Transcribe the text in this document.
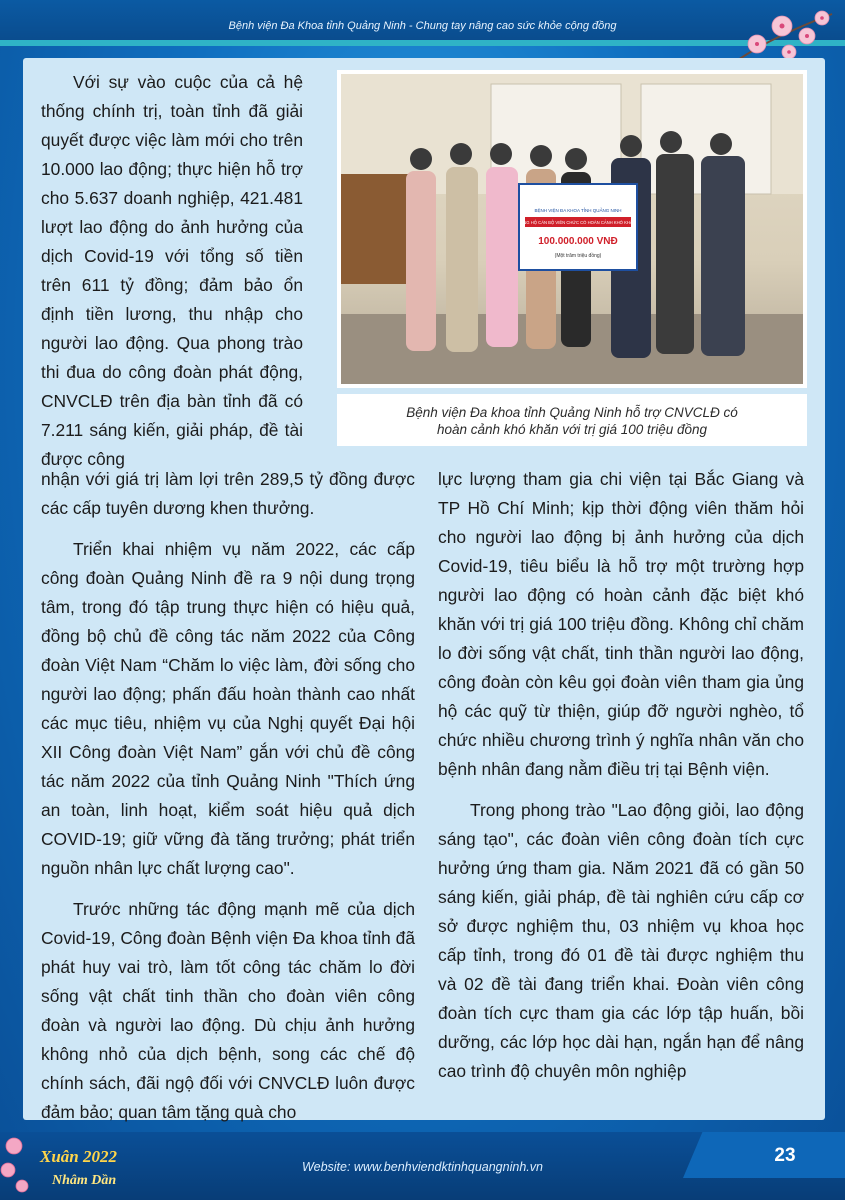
Bệnh viện Đa Khoa tỉnh Quảng Ninh - Chung tay nâng cao sức khỏe cộng đồng

Với sự vào cuộc của cả hệ thống chính trị, toàn tỉnh đã giải quyết được việc làm mới cho trên 10.000 lao động; thực hiện hỗ trợ cho 5.637 doanh nghiệp, 421.481 lượt lao động do ảnh hưởng của dịch Covid-19 với tổng số tiền trên 611 tỷ đồng; đảm bảo ổn định tiền lương, thu nhập cho người lao động. Qua phong trào thi đua do công đoàn phát động, CNVCLĐ trên địa bàn tỉnh đã có 7.211 sáng kiến, giải pháp, đề tài được công

BỆNH VIỆN ĐA KHOA TỈNH QUẢNG NINH
ỦNG HỘ CÁN BỘ VIÊN CHỨC CÓ HOÀN CẢNH KHÓ KHĂN
100.000.000 VNĐ
(Một trăm triệu đồng)
Bệnh viện Đa khoa tỉnh Quảng Ninh hỗ trợ CNVCLĐ có
hoàn cảnh khó khăn với trị giá 100 triệu đồng
nhận với giá trị làm lợi trên 289,5 tỷ đồng được các cấp tuyên dương khen thưởng.

Triển khai nhiệm vụ năm 2022, các cấp công đoàn Quảng Ninh đề ra 9 nội dung trọng tâm, trong đó tập trung thực hiện có hiệu quả, đồng bộ chủ đề công tác năm 2022 của Công đoàn Việt Nam “Chăm lo việc làm, đời sống cho người lao động; phấn đấu hoàn thành cao nhất các mục tiêu, nhiệm vụ của Nghị quyết Đại hội XII Công đoàn Việt Nam” gắn với chủ đề công tác năm 2022 của tỉnh Quảng Ninh "Thích ứng an toàn, linh hoạt, kiểm soát hiệu quả dịch COVID-19; giữ vững đà tăng trưởng; phát triển nguồn nhân lực chất lượng cao".

Trước những tác động mạnh mẽ của dịch Covid-19, Công đoàn Bệnh viện Đa khoa tỉnh đã phát huy vai trò, làm tốt công tác chăm lo đời sống vật chất tinh thần cho đoàn viên công đoàn và người lao động. Dù chịu ảnh hưởng không nhỏ của dịch bệnh, song các chế độ chính sách, đãi ngộ đối với CNVCLĐ luôn được đảm bảo; quan tâm tặng quà cho

lực lượng tham gia chi viện tại Bắc Giang và TP Hồ Chí Minh; kịp thời động viên thăm hỏi cho người lao động bị ảnh hưởng của dịch Covid-19, tiêu biểu là hỗ trợ một trường hợp người lao động có hoàn cảnh đặc biệt khó khăn với trị giá 100 triệu đồng. Không chỉ chăm lo đời sống vật chất, tinh thần người lao động, công đoàn còn kêu gọi đoàn viên tham gia ủng hộ các quỹ từ thiện, giúp đỡ người nghèo, tổ chức nhiều chương trình ý nghĩa nhân văn cho bệnh nhân đang nằm điều trị tại Bệnh viện.

Trong phong trào "Lao động giỏi, lao động sáng tạo", các đoàn viên công đoàn tích cực hưởng ứng tham gia. Năm 2021 đã có gần 50 sáng kiến, giải pháp, đề tài nghiên cứu cấp cơ sở được nghiệm thu, 03 nhiệm vụ khoa học cấp tỉnh, trong đó 01 đề tài được nghiệm thu và 02 đề tài đang triển khai. Đoàn viên công đoàn tích cực tham gia các lớp tập huấn, bồi dưỡng, các lớp học dài hạn, ngắn hạn để nâng cao trình độ chuyên môn nghiệp

23
Website: www.benhviendktinhquangninh.vn
Xuân 2022
Nhâm Dần
